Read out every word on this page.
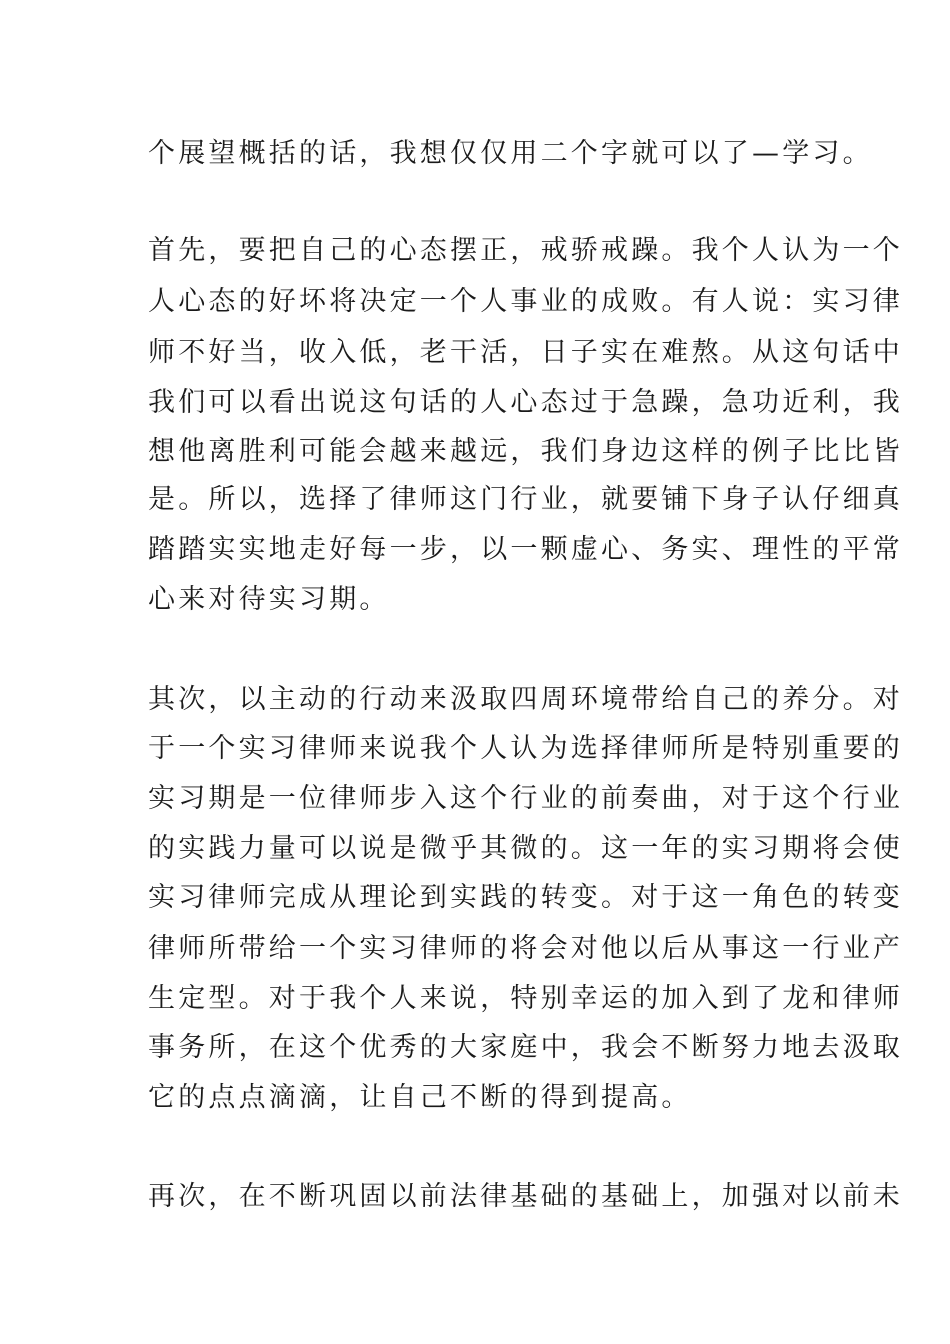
个展望概括的话，我想仅仅用二个字就可以了—学习。
首先，要把自己的心态摆正，戒骄戒躁。我个人认为一个
人心态的好坏将决定一个人事业的成败。有人说：实习律
师不好当，收入低，老干活，日子实在难熬。从这句话中
我们可以看出说这句话的人心态过于急躁，急功近利，我
想他离胜利可能会越来越远，我们身边这样的例子比比皆
是。所以，选择了律师这门行业，就要铺下身子认仔细真
踏踏实实地走好每一步，以一颗虚心、务实、理性的平常
心来对待实习期。
其次，以主动的行动来汲取四周环境带给自己的养分。对
于一个实习律师来说我个人认为选择律师所是特别重要的
实习期是一位律师步入这个行业的前奏曲，对于这个行业
的实践力量可以说是微乎其微的。这一年的实习期将会使
实习律师完成从理论到实践的转变。对于这一角色的转变
律师所带给一个实习律师的将会对他以后从事这一行业产
生定型。对于我个人来说，特别幸运的加入到了龙和律师
事务所，在这个优秀的大家庭中，我会不断努力地去汲取
它的点点滴滴，让自己不断的得到提高。
再次，在不断巩固以前法律基础的基础上，加强对以前未
